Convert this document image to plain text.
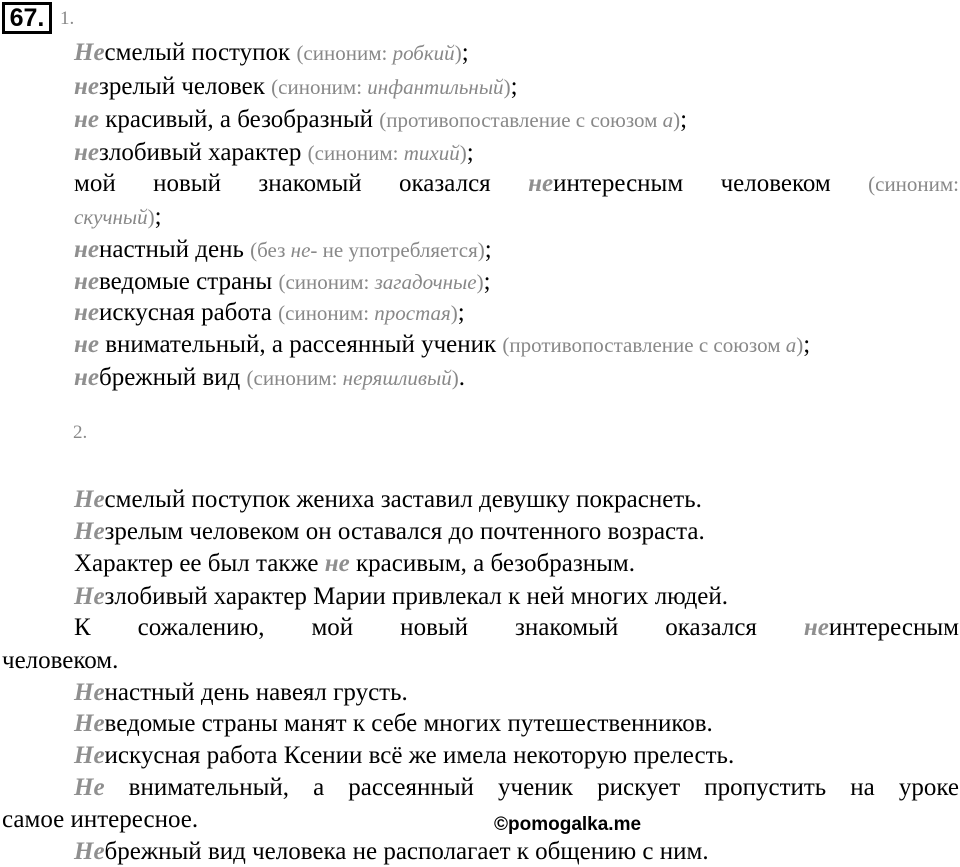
67. 1.
Несмелый поступок (синоним: робкий);
незрелый человек (синоним: инфантильный);
не красивый, а безобразный (противопоставление с союзом а);
незлобивый характер (синоним: тихий);
мой новый знакомый оказался неинтересным человеком (синоним:
скучный);
ненастный день (без не- не употребляется);
неведомые страны (синоним: загадочные);
неискусная работа (синоним: простая);
не внимательный, а рассеянный ученик (противопоставление с союзом а);
небрежный вид (синоним: неряшливый).
2.
Несмелый поступок жениха заставил девушку покраснеть.
Незрелым человеком он оставался до почтенного возраста.
Характер ее был также не красивым, а безобразным.
Незлобивый характер Марии привлекал к ней многих людей.
К сожалению, мой новый знакомый оказался неинтересным
человеком.
Ненастный день навеял грусть.
Неведомые страны манят к себе многих путешественников.
Неискусная работа Ксении всё же имела некоторую прелесть.
Не внимательный, а рассеянный ученик рискует пропустить на уроке
самое интересное.
Небрежный вид человека не располагает к общению с ним.
©pomogalka.me
